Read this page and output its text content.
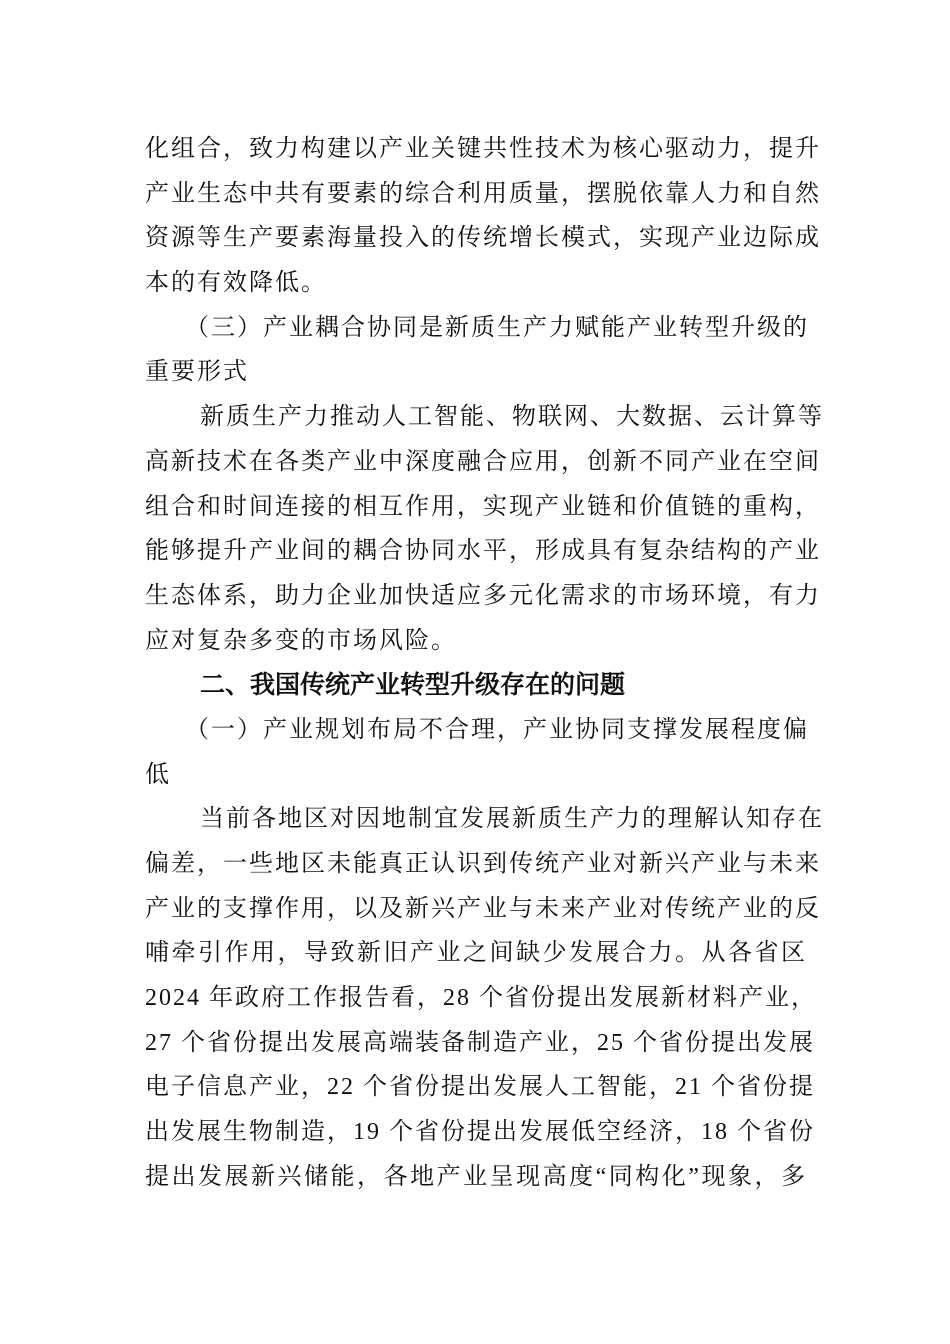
化组合，致力构建以产业关键共性技术为核心驱动力，提升
产业生态中共有要素的综合利用质量，摆脱依靠人力和自然
资源等生产要素海量投入的传统增长模式，实现产业边际成
本的有效降低。
（三）产业耦合协同是新质生产力赋能产业转型升级的
重要形式
新质生产力推动人工智能、物联网、大数据、云计算等
高新技术在各类产业中深度融合应用，创新不同产业在空间
组合和时间连接的相互作用，实现产业链和价值链的重构，
能够提升产业间的耦合协同水平，形成具有复杂结构的产业
生态体系，助力企业加快适应多元化需求的市场环境，有力
应对复杂多变的市场风险。
二、我国传统产业转型升级存在的问题
（一）产业规划布局不合理，产业协同支撑发展程度偏
低
当前各地区对因地制宜发展新质生产力的理解认知存在
偏差，一些地区未能真正认识到传统产业对新兴产业与未来
产业的支撑作用，以及新兴产业与未来产业对传统产业的反
哺牵引作用，导致新旧产业之间缺少发展合力。从各省区
2024 年政府工作报告看，28 个省份提出发展新材料产业，
27 个省份提出发展高端装备制造产业，25 个省份提出发展
电子信息产业，22 个省份提出发展人工智能，21 个省份提
出发展生物制造，19 个省份提出发展低空经济，18 个省份
提出发展新兴储能，各地产业呈现高度“同构化”现象，多
